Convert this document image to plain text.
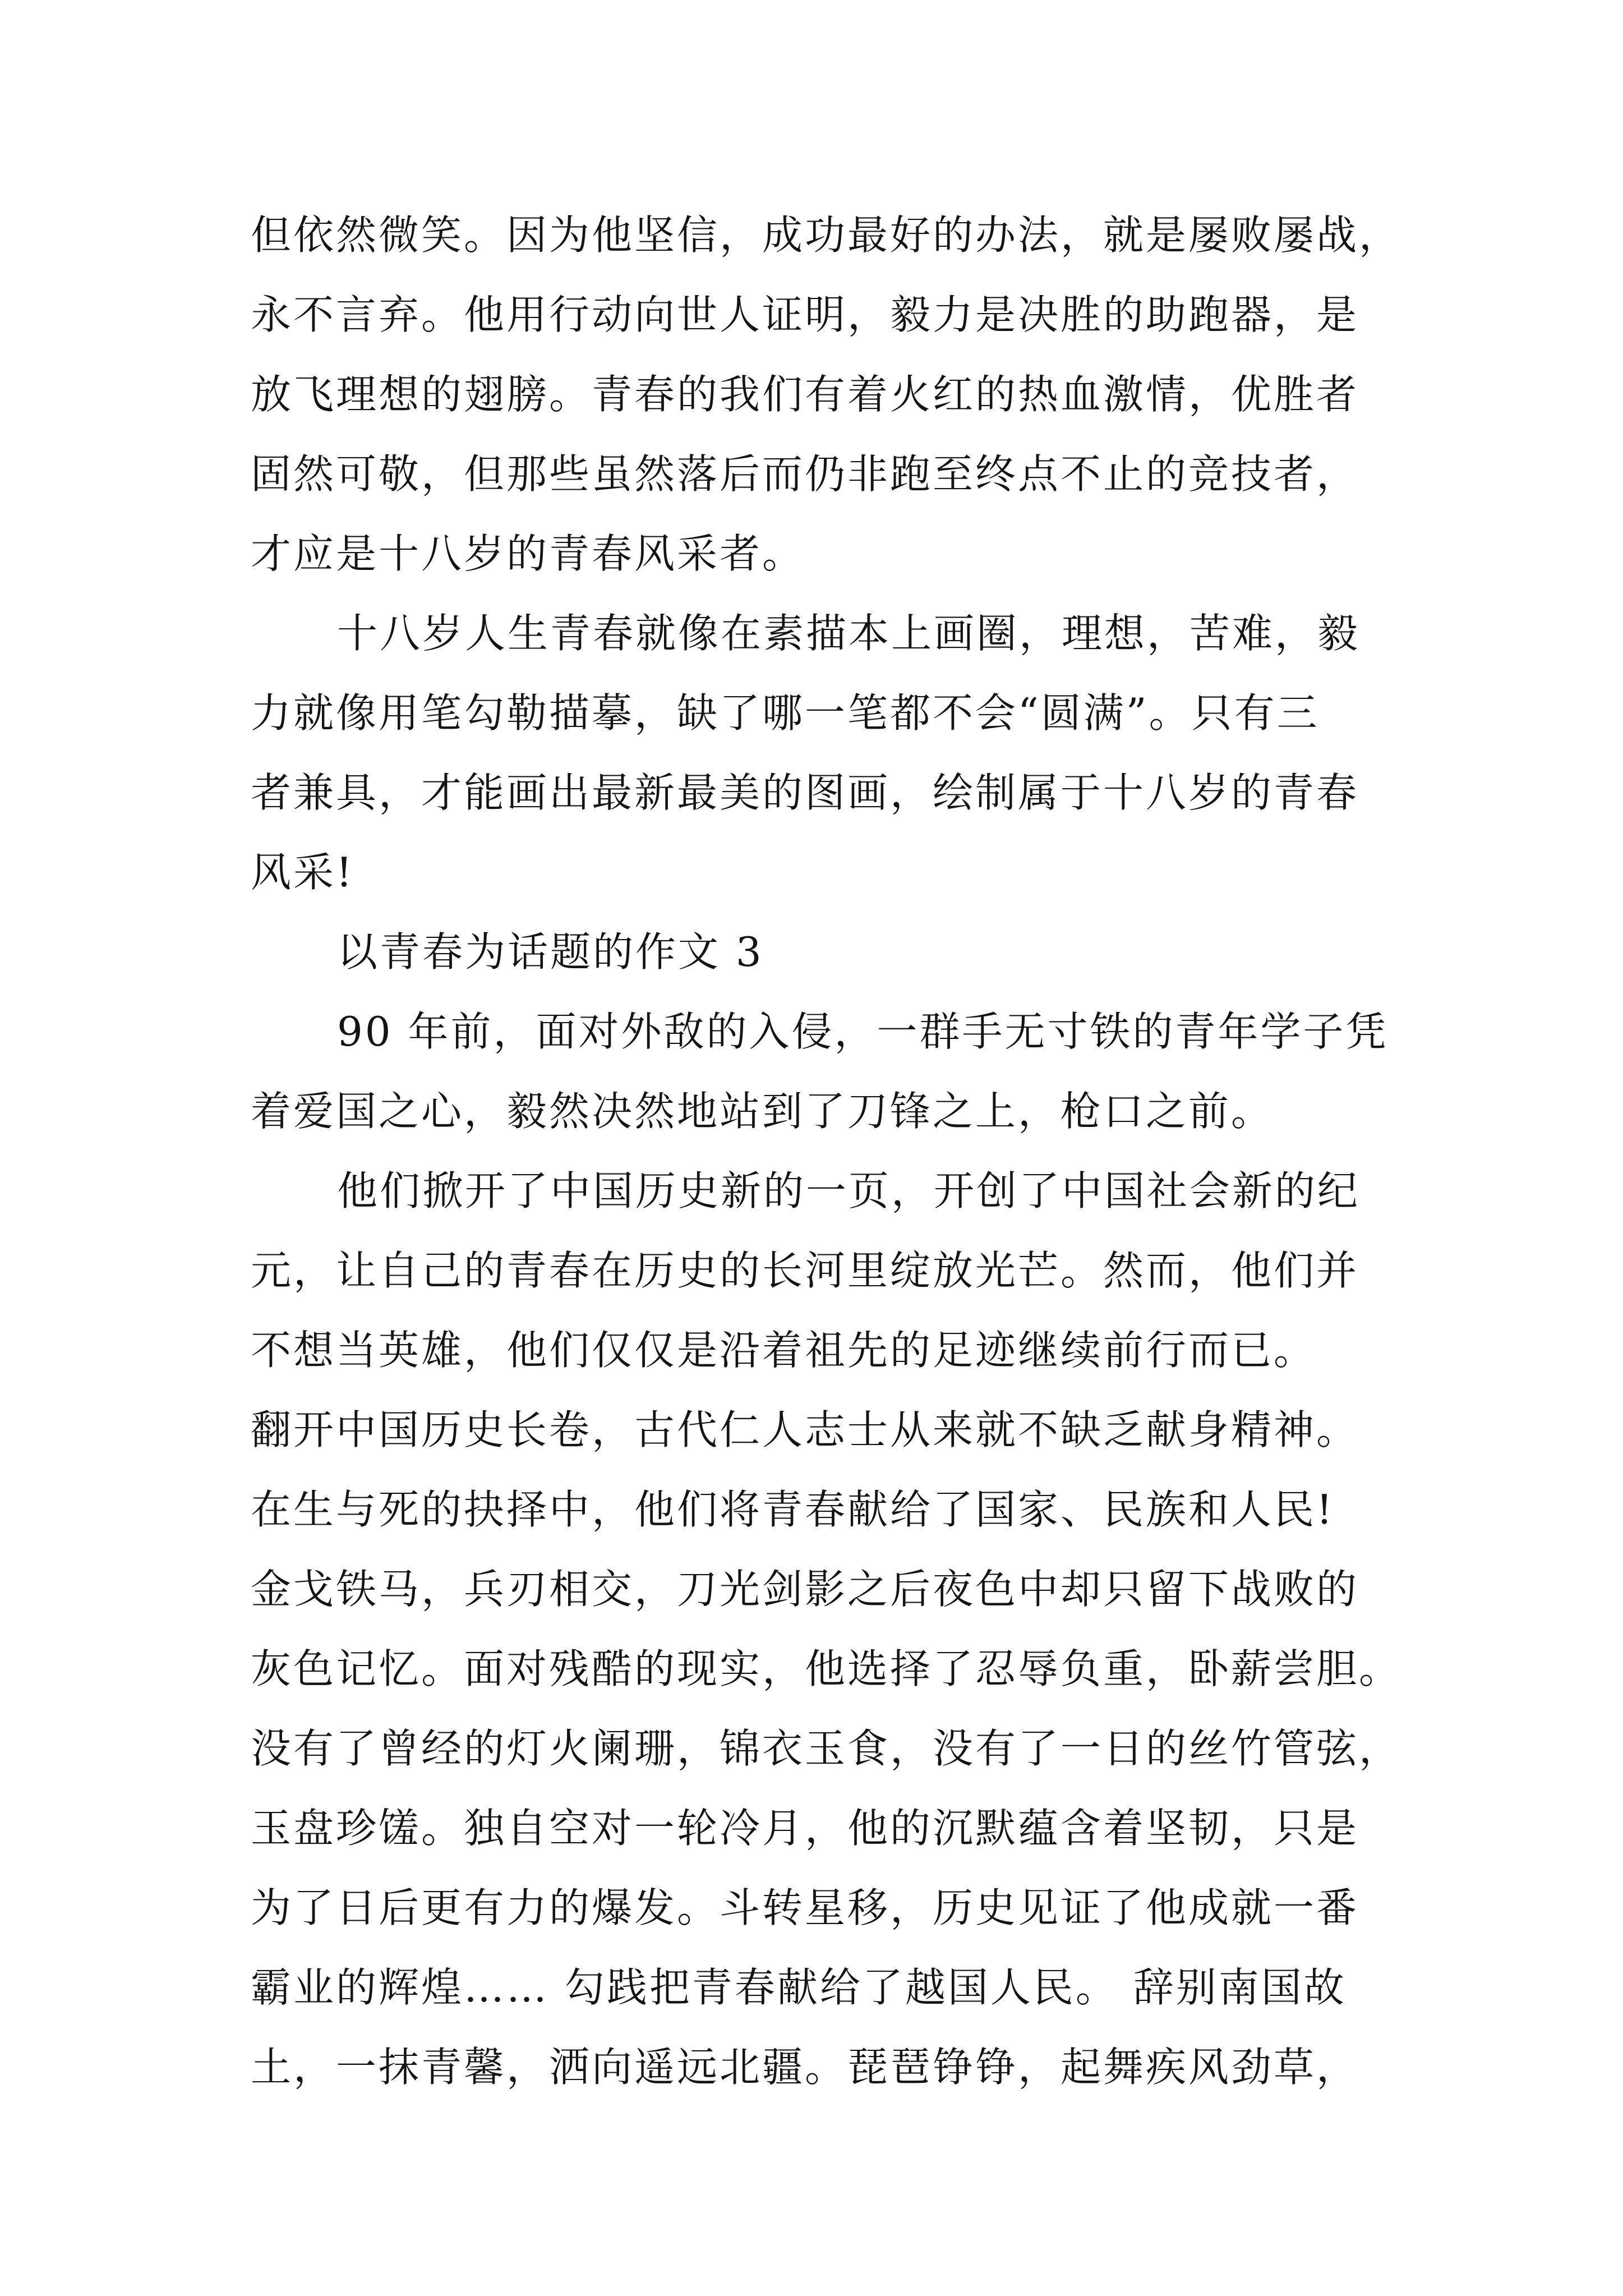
但依然微笑。因为他坚信，成功最好的办法，就是屡败屡战，
永不言弃。他用行动向世人证明，毅力是决胜的助跑器，是
放飞理想的翅膀。青春的我们有着火红的热血激情，优胜者
固然可敬，但那些虽然落后而仍非跑至终点不止的竞技者，
才应是十八岁的青春风采者。
十八岁人生青春就像在素描本上画圈，理想，苦难，毅
力就像用笔勾勒描摹，缺了哪一笔都不会“圆满”。只有三
者兼具，才能画出最新最美的图画，绘制属于十八岁的青春
风采!
以青春为话题的作文 3
90 年前，面对外敌的入侵，一群手无寸铁的青年学子凭
着爱国之心，毅然决然地站到了刀锋之上，枪口之前。
他们掀开了中国历史新的一页，开创了中国社会新的纪
元，让自己的青春在历史的长河里绽放光芒。然而，他们并
不想当英雄，他们仅仅是沿着祖先的足迹继续前行而已。
翻开中国历史长卷，古代仁人志士从来就不缺乏献身精神。
在生与死的抉择中，他们将青春献给了国家、民族和人民!
金戈铁马，兵刃相交，刀光剑影之后夜色中却只留下战败的
灰色记忆。面对残酷的现实，他选择了忍辱负重，卧薪尝胆。
没有了曾经的灯火阑珊，锦衣玉食，没有了一日的丝竹管弦，
玉盘珍馐。独自空对一轮冷月，他的沉默蕴含着坚韧，只是
为了日后更有力的爆发。斗转星移，历史见证了他成就一番
霸业的辉煌…… 勾践把青春献给了越国人民。 辞别南国故
土，一抹青馨，洒向遥远北疆。琵琶铮铮，起舞疾风劲草，
